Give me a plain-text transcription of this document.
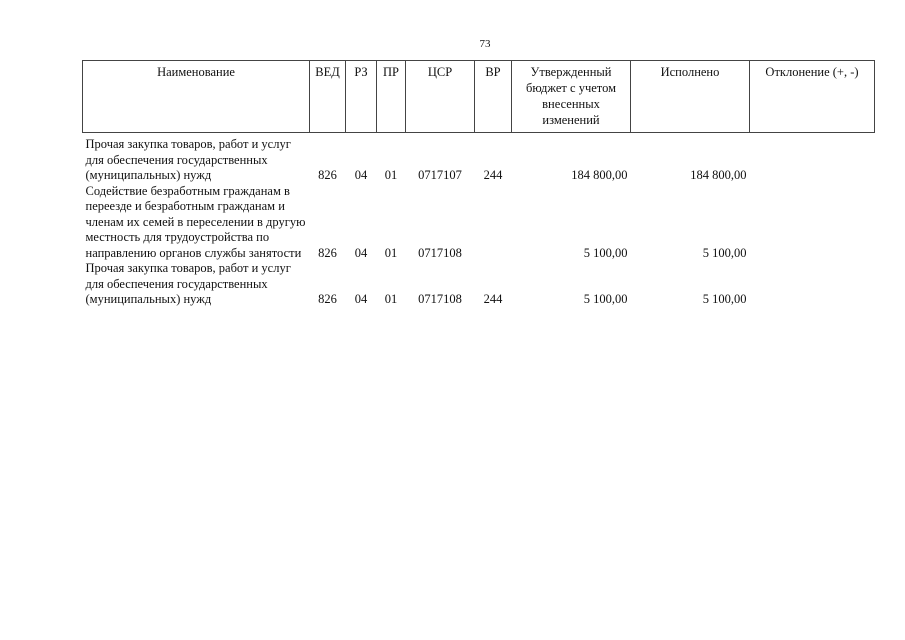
73
Наименование	ВЕД	РЗ	ПР	ЦСР	ВР	Утвержденный бюджет с учетом внесенных изменений	Исполнено	Отклонение (+, -)
Прочая закупка товаров, работ и услуг для обеспечения государственных (муниципальных) нужд	826	04	01	0717107	244	184 800,00	184 800,00	
Содействие безработным гражданам в переезде и безработным гражданам и членам их семей в переселении в другую местность для трудоустройства по направлению органов службы занятости	826	04	01	0717108		5 100,00	5 100,00	
Прочая закупка товаров, работ и услуг для обеспечения государственных (муниципальных) нужд	826	04	01	0717108	244	5 100,00	5 100,00	
